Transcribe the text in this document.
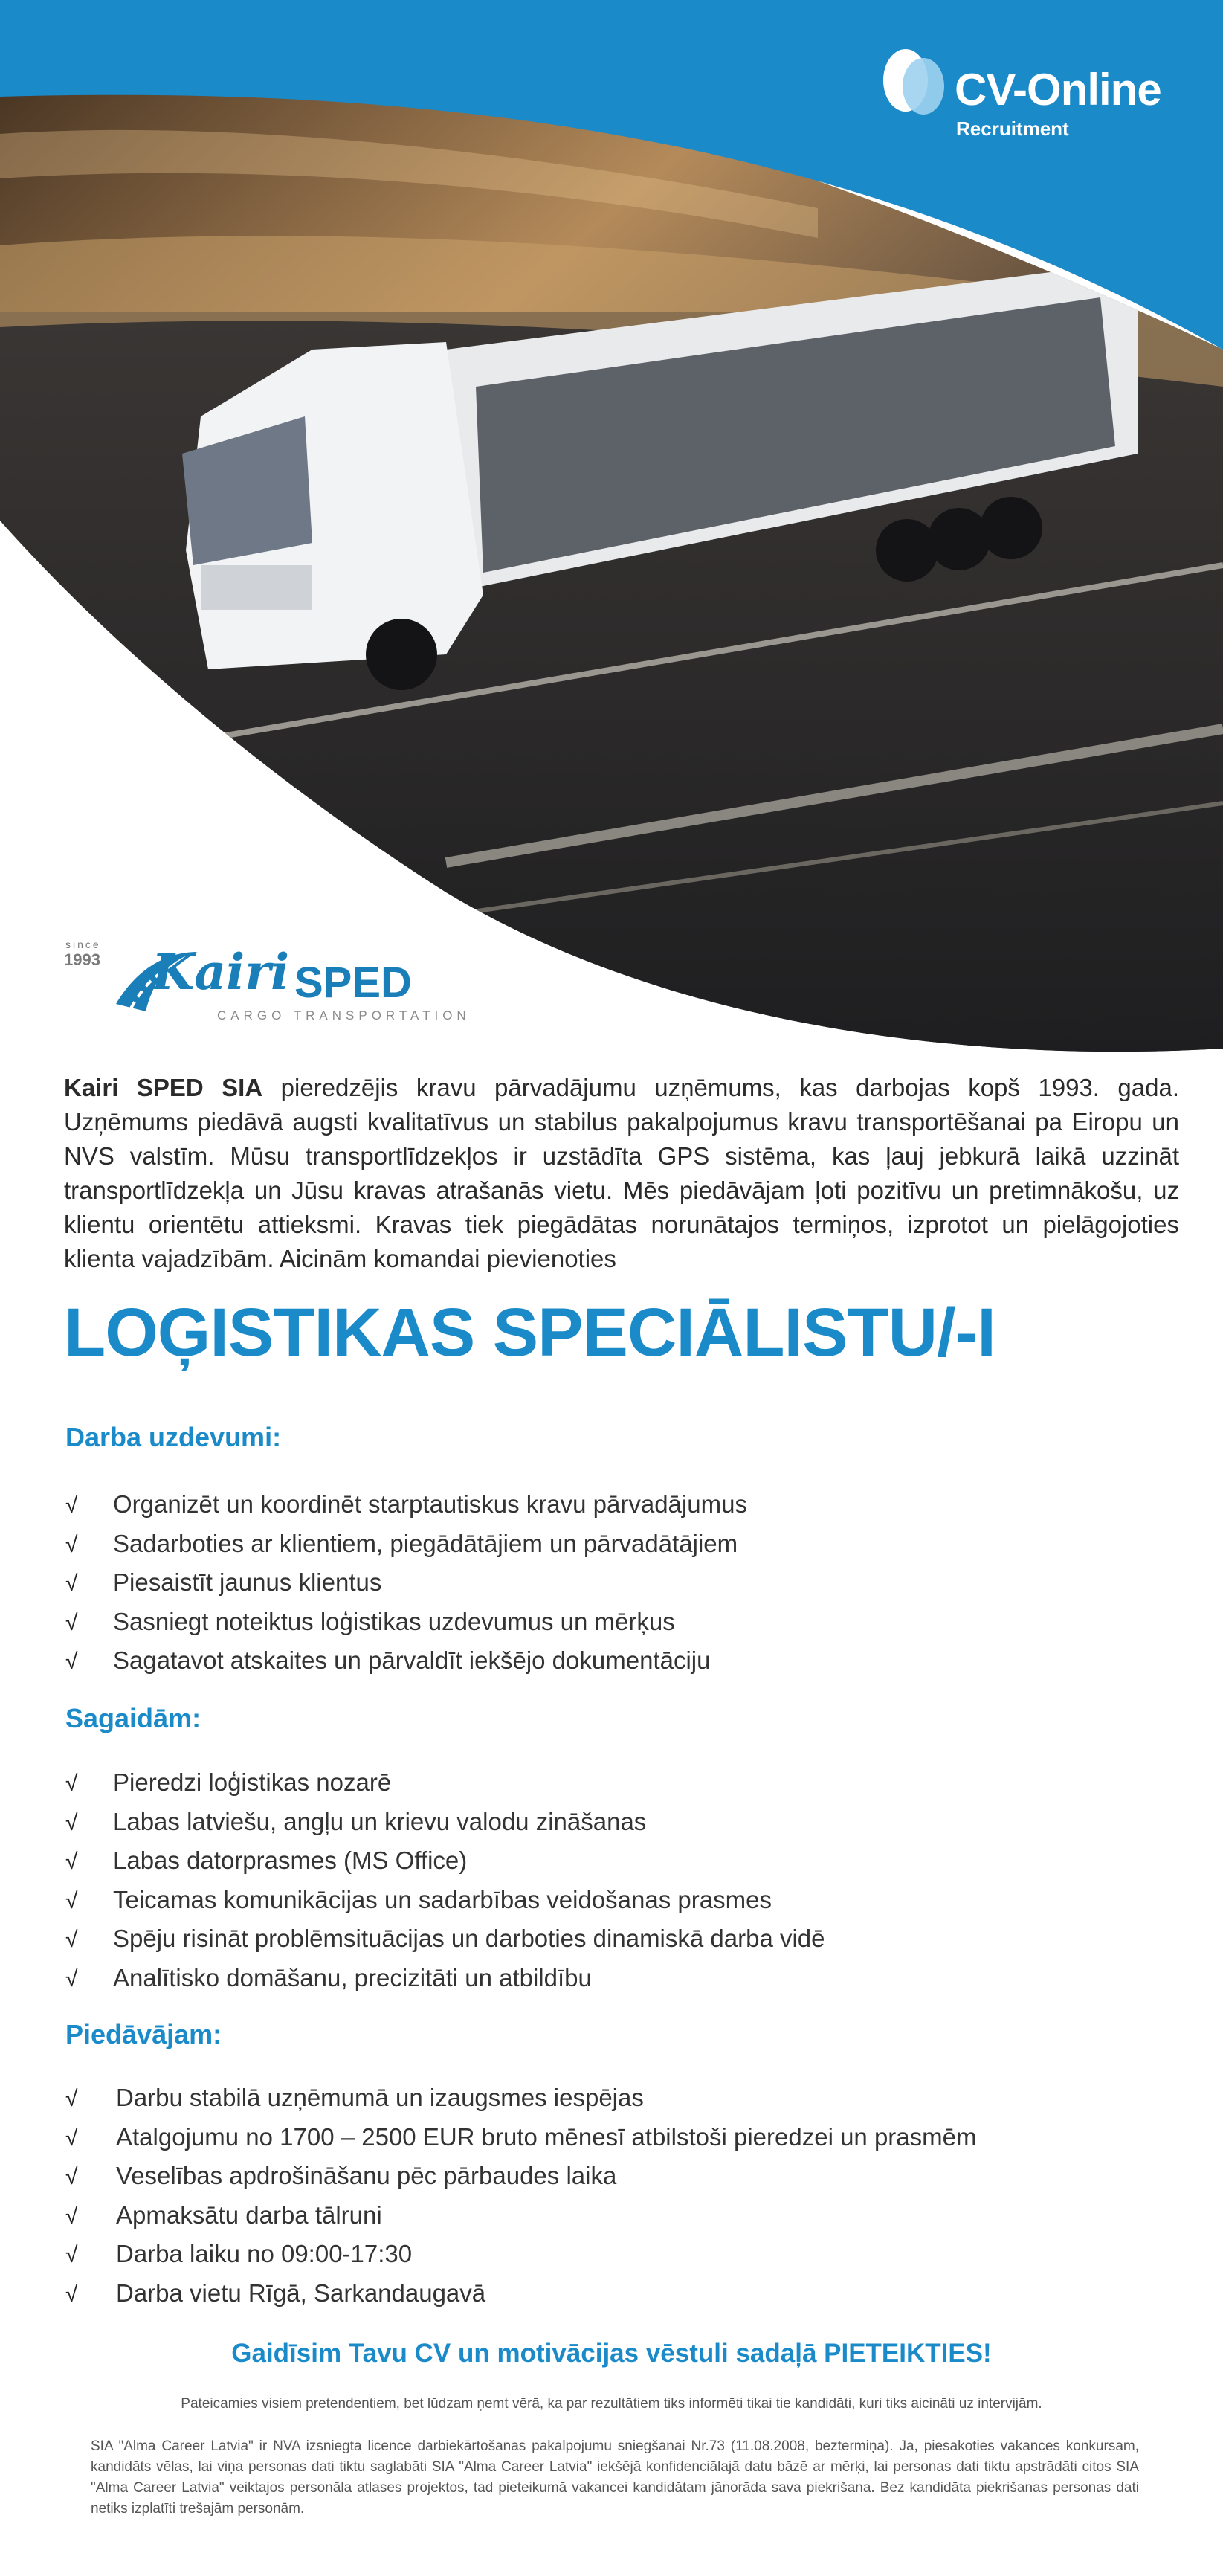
CV-Online
Recruitment
since
1993 Kairi SPED
CARGO TRANSPORTATION

Kairi SPED SIA pieredzējis kravu pārvadājumu uzņēmums, kas darbojas kopš 1993. gada. Uzņēmums piedāvā augsti kvalitatīvus un stabilus pakalpojumus kravu transportēšanai pa Eiropu un NVS valstīm. Mūsu transportlīdzekļos ir uzstādīta GPS sistēma, kas ļauj jebkurā laikā uzzināt transportlīdzekļa un Jūsu kravas atrašanās vietu. Mēs piedāvājam ļoti pozitīvu un pretimnākošu, uz klientu orientētu attieksmi. Kravas tiek piegādātas norunātajos termiņos, izprotot un pielāgojoties klienta vajadzībām. Aicinām komandai pievienoties

LOĢISTIKAS SPECIĀLISTU/-I
Darba uzdevumi:
√ Organizēt un koordinēt starptautiskus kravu pārvadājumus
√ Sadarboties ar klientiem, piegādātājiem un pārvadātājiem
√ Piesaistīt jaunus klientus
√ Sasniegt noteiktus loģistikas uzdevumus un mērķus
√ Sagatavot atskaites un pārvaldīt iekšējo dokumentāciju
Sagaidām:
√ Pieredzi loģistikas nozarē
√ Labas latviešu, angļu un krievu valodu zināšanas
√ Labas datorprasmes (MS Office)
√ Teicamas komunikācijas un sadarbības veidošanas prasmes
√ Spēju risināt problēmsituācijas un darboties dinamiskā darba vidē
√ Analītisko domāšanu, precizitāti un atbildību
Piedāvājam:
√ Darbu stabilā uzņēmumā un izaugsmes iespējas
√ Atalgojumu no 1700 – 2500 EUR bruto mēnesī atbilstoši pieredzei un prasmēm
√ Veselības apdrošināšanu pēc pārbaudes laika
√ Apmaksātu darba tālruni
√ Darba laiku no 09:00-17:30
√ Darba vietu Rīgā, Sarkandaugavā
Gaidīsim Tavu CV un motivācijas vēstuli sadaļā PIETEIKTIES!
Pateicamies visiem pretendentiem, bet lūdzam ņemt vērā, ka par rezultātiem tiks informēti tikai tie kandidāti, kuri tiks aicināti uz intervijām.
SIA "Alma Career Latvia" ir NVA izsniegta licence darbiekārtošanas pakalpojumu sniegšanai Nr.73 (11.08.2008, beztermiņa). Ja, piesakoties vakances konkursam, kandidāts vēlas, lai viņa personas dati tiktu saglabāti SIA "Alma Career Latvia" iekšējā konfidenciālajā datu bāzē ar mērķi, lai personas dati tiktu apstrādāti citos SIA "Alma Career Latvia" veiktajos personāla atlases projektos, tad pieteikumā vakancei kandidātam jānorāda sava piekrišana. Bez kandidāta piekrišanas personas dati netiks izplatīti trešajām personām.
